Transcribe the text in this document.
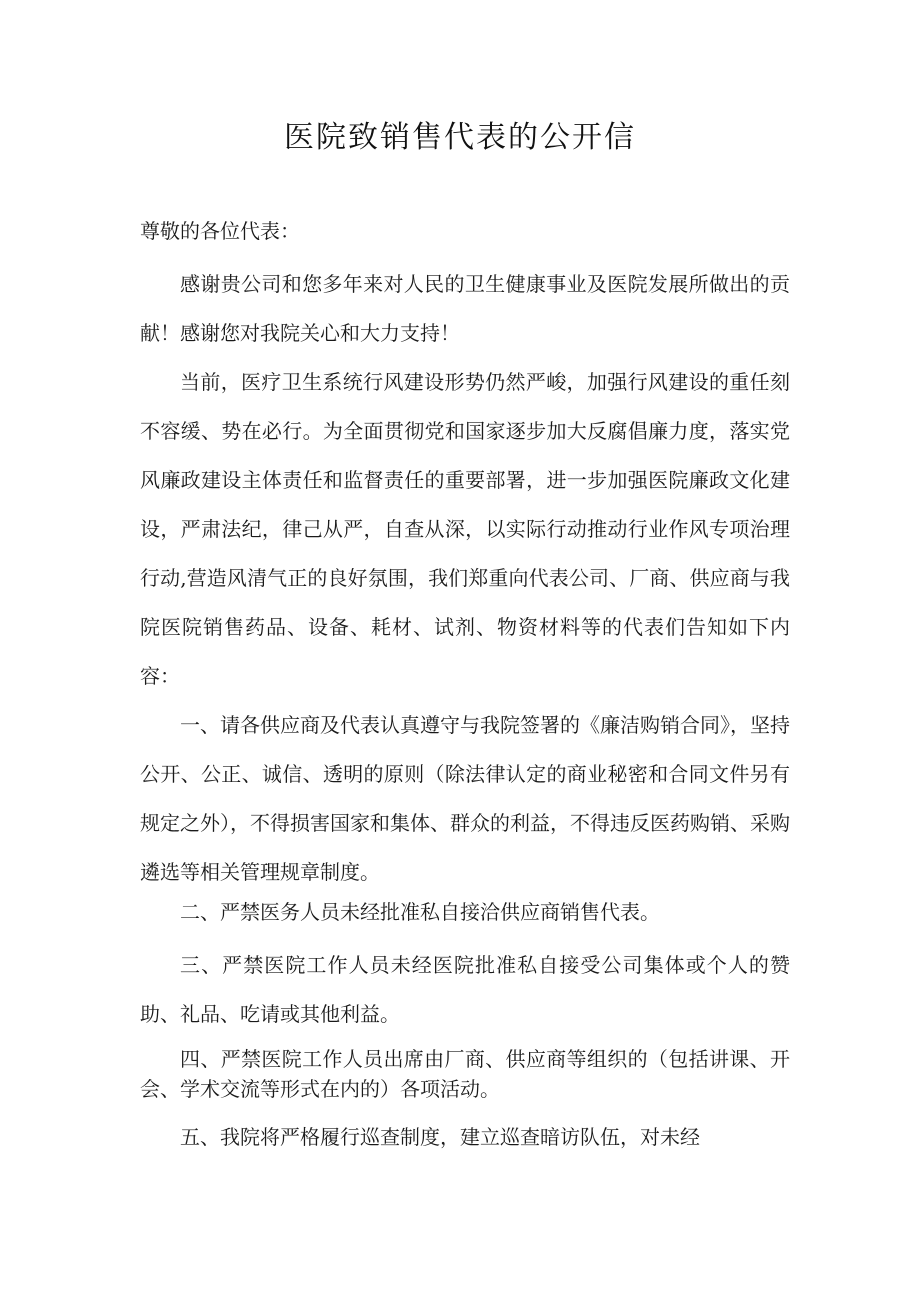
医院致销售代表的公开信

尊敬的各位代表：

感谢贵公司和您多年来对人民的卫生健康事业及医院发展所做出的贡献！感谢您对我院关心和大力支持！

当前，医疗卫生系统行风建设形势仍然严峻，加强行风建设的重任刻不容缓、势在必行。为全面贯彻党和国家逐步加大反腐倡廉力度，落实党风廉政建设主体责任和监督责任的重要部署，进一步加强医院廉政文化建设，严肃法纪，律己从严，自查从深，以实际行动推动行业作风专项治理行动,营造风清气正的良好氛围，我们郑重向代表公司、厂商、供应商与我院医院销售药品、设备、耗材、试剂、物资材料等的代表们告知如下内容：

一、请各供应商及代表认真遵守与我院签署的《廉洁购销合同》，坚持公开、公正、诚信、透明的原则（除法律认定的商业秘密和合同文件另有规定之外），不得损害国家和集体、群众的利益，不得违反医药购销、采购遴选等相关管理规章制度。

二、严禁医务人员未经批准私自接洽供应商销售代表。

三、严禁医院工作人员未经医院批准私自接受公司集体或个人的赞助、礼品、吃请或其他利益。

四、严禁医院工作人员出席由厂商、供应商等组织的（包括讲课、开会、学术交流等形式在内的）各项活动。

五、我院将严格履行巡查制度，建立巡查暗访队伍，对未经
